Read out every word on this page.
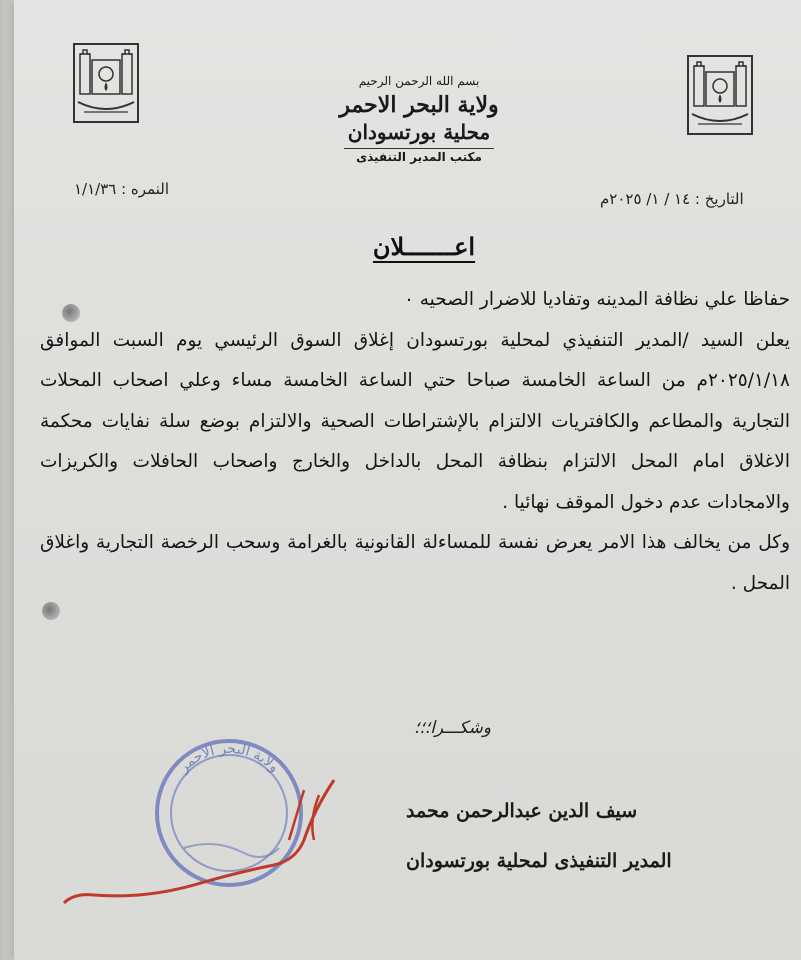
بسم الله الرحمن الرحيم
ولاية البحر الاحمر
محلية بورتسودان
مكتب المدير التنفيذى
التاريخ : ١٤ / ١/ ٢٠٢٥م
النمره : ١/١/٣٦
اعـــــــلان

حفاظا علي نظافة المدينه وتفاديا للاضرار الصحيه ٠

يعلن السيد /المدير التنفيذي لمحلية بورتسودان إغلاق السوق الرئيسي يوم السبت الموافق ٢٠٢٥/١/١٨م من الساعة الخامسة صباحا حتي الساعة الخامسة مساء وعلي اصحاب المحلات التجارية والمطاعم والكافتريات الالتزام بالإشتراطات الصحية والالتزام بوضع سلة نفايات محكمة الاغلاق امام المحل الالتزام بنظافة المحل بالداخل والخارج واصحاب الحافلات والكريزات والامجادات عدم دخول الموقف نهائيا .

وكل من يخالف هذا الامر يعرض نفسة للمساءلة القانونية بالغرامة وسحب الرخصة التجارية واغلاق المحل .

وشكـــرا؛؛؛
ولاية البحر الاحمر
سيف الدين عبدالرحمن محمد
المدير التنفيذى لمحلية بورتسودان
